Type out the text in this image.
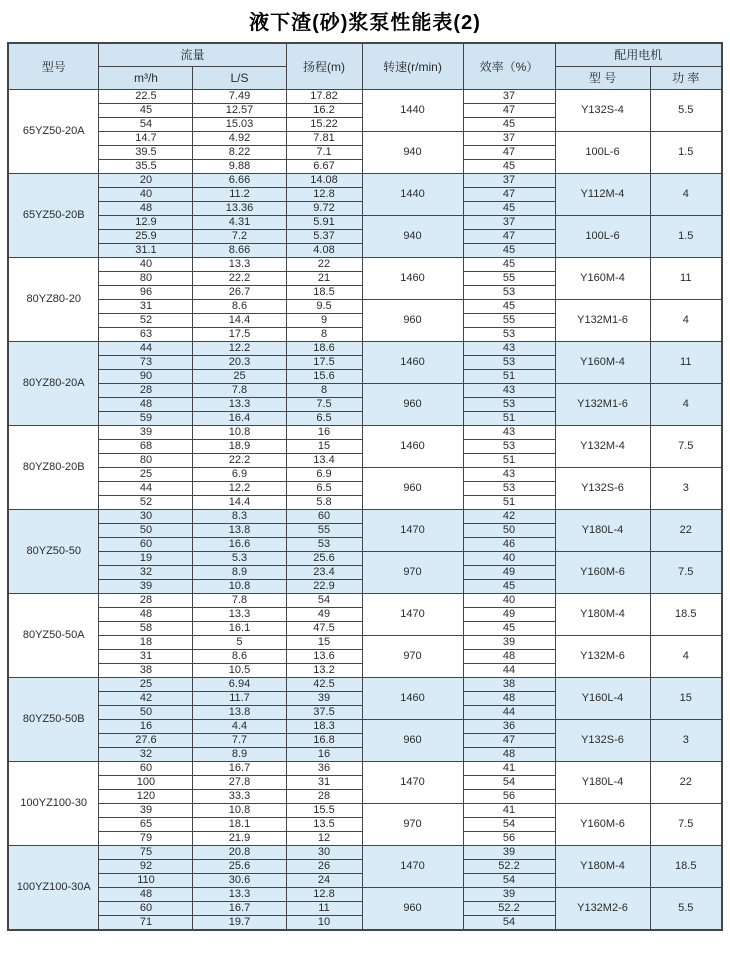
液下渣(砂)浆泵性能表(2)
型号	流量		扬程(m)	转速(r/min)	效率（%）	配用电机	
	m³/h	L/S				型 号	功 率
65YZ50-20A	22.5	7.49	17.82	1440	37	Y132S-4	5.5
	45	12.57	16.2		47		
	54	15.03	15.22		45		
	14.7	4.92	7.81	940	37	100L-6	1.5
	39.5	8.22	7.1		47		
	35.5	9.88	6.67		45		
65YZ50-20B	20	6.66	14.08	1440	37	Y112M-4	4
	40	11.2	12.8		47		
	48	13.36	9.72		45		
	12.9	4.31	5.91	940	37	100L-6	1.5
	25.9	7.2	5.37		47		
	31.1	8.66	4.08		45		
80YZ80-20	40	13.3	22	1460	45	Y160M-4	11
	80	22.2	21		55		
	96	26.7	18.5		53		
	31	8.6	9.5	960	45	Y132M1-6	4
	52	14.4	9		55		
	63	17.5	8		53		
80YZ80-20A	44	12.2	18.6	1460	43	Y160M-4	11
	73	20.3	17.5		53		
	90	25	15.6		51		
	28	7.8	8	960	43	Y132M1-6	4
	48	13.3	7.5		53		
	59	16.4	6.5		51		
80YZ80-20B	39	10.8	16	1460	43	Y132M-4	7.5
	68	18.9	15		53		
	80	22.2	13.4		51		
	25	6.9	6.9	960	43	Y132S-6	3
	44	12.2	6.5		53		
	52	14.4	5.8		51		
80YZ50-50	30	8.3	60	1470	42	Y180L-4	22
	50	13.8	55		50		
	60	16.6	53		46		
	19	5.3	25.6	970	40	Y160M-6	7.5
	32	8.9	23.4		49		
	39	10.8	22.9		45		
80YZ50-50A	28	7.8	54	1470	40	Y180M-4	18.5
	48	13.3	49		49		
	58	16.1	47.5		45		
	18	5	15	970	39	Y132M-6	4
	31	8.6	13.6		48		
	38	10.5	13.2		44		
80YZ50-50B	25	6.94	42.5	1460	38	Y160L-4	15
	42	11.7	39		48		
	50	13.8	37.5		44		
	16	4.4	18.3	960	36	Y132S-6	3
	27.6	7.7	16.8		47		
	32	8.9	16		48		
100YZ100-30	60	16.7	36	1470	41	Y180L-4	22
	100	27.8	31		54		
	120	33.3	28		56		
	39	10.8	15.5	970	41	Y160M-6	7.5
	65	18.1	13.5		54		
	79	21.9	12		56		
100YZ100-30A	75	20.8	30	1470	39	Y180M-4	18.5
	92	25.6	26		52.2		
	110	30.6	24		54		
	48	13.3	12.8	960	39	Y132M2-6	5.5
	60	16.7	11		52.2		
	71	19.7	10		54		
